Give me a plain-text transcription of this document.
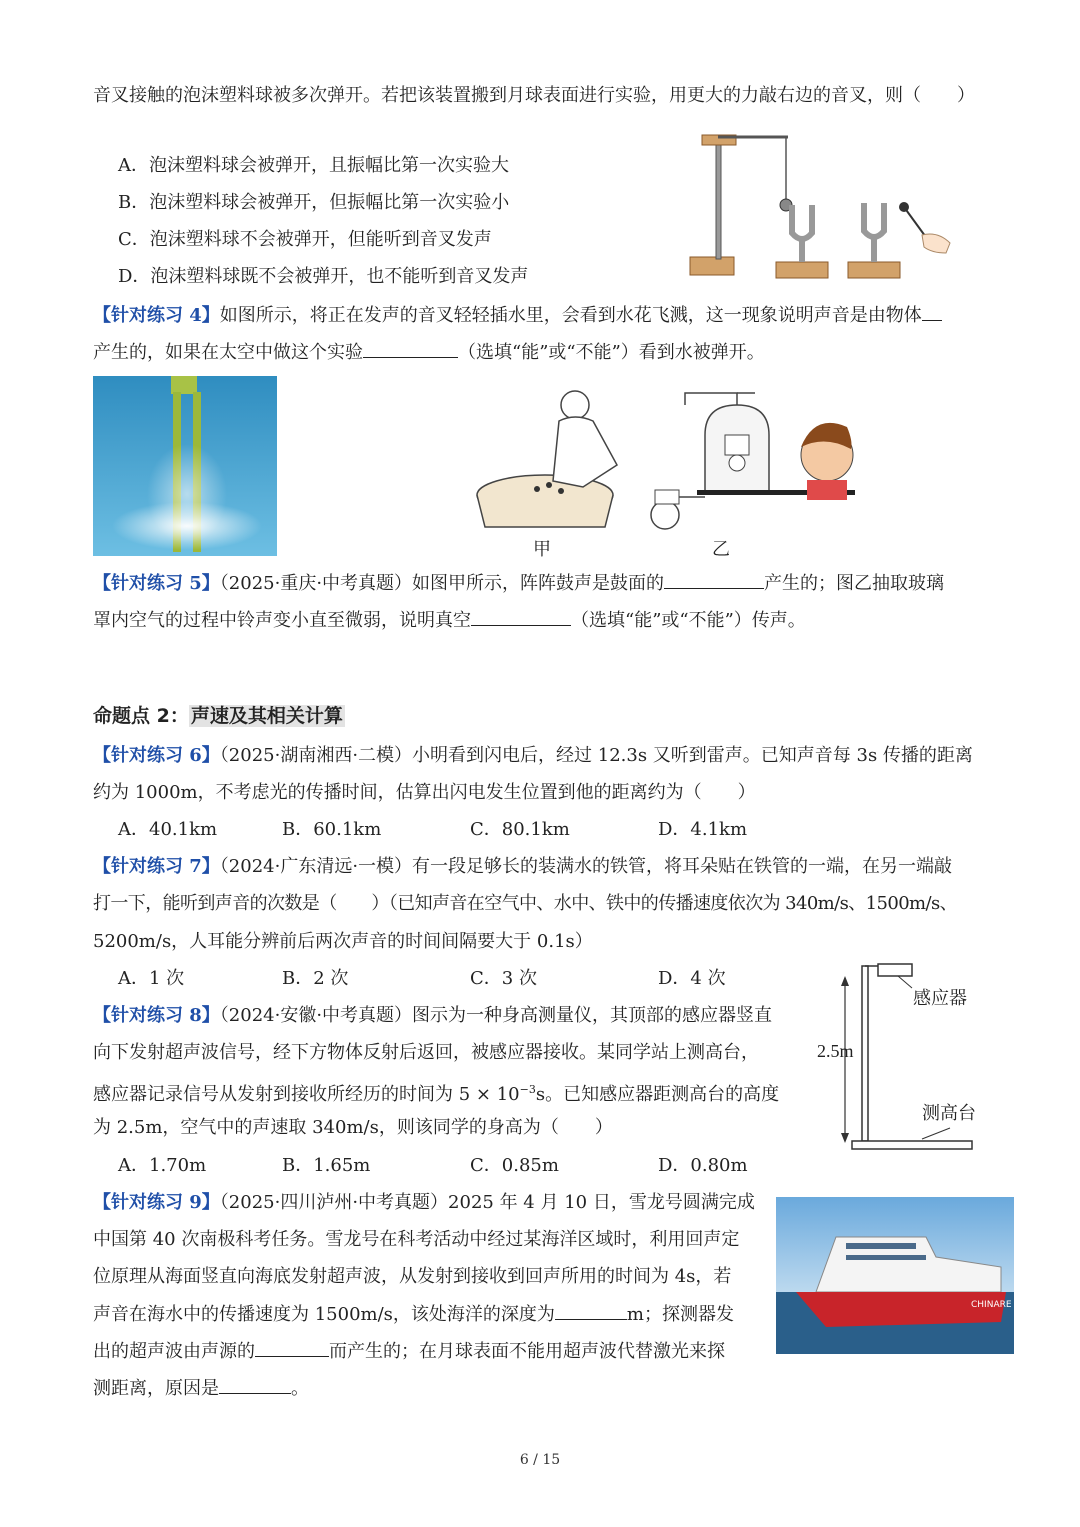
音叉接触的泡沫塑料球被多次弹开。若把该装置搬到月球表面进行实验，用更大的力敲右边的音叉，则（　　）
A．泡沫塑料球会被弹开，且振幅比第一次实验大
B．泡沫塑料球会被弹开，但振幅比第一次实验小
C．泡沫塑料球不会被弹开，但能听到音叉发声
D．泡沫塑料球既不会被弹开，也不能听到音叉发声
【针对练习 4】如图所示，将正在发声的音叉轻轻插水里，会看到水花飞溅，这一现象说明声音是由物体
产生的，如果在太空中做这个实验	（选填“能”或“不能”）看到水被弹开。
甲	乙
【针对练习 5】（2025·重庆·中考真题）如图甲所示，阵阵鼓声是鼓面的	产生的；图乙抽取玻璃
罩内空气的过程中铃声变小直至微弱，说明真空	（选填“能”或“不能”）传声。
命题点 2： 声速及其相关计算
【针对练习 6】（2025·湖南湘西·二模）小明看到闪电后，经过 12.3s 又听到雷声。已知声音每 3s 传播的距离
约为 1000m，不考虑光的传播时间，估算出闪电发生位置到他的距离约为（　　）
A．40.1km	B．60.1km	C．80.1km	D．4.1km
【针对练习 7】（2024·广东清远·一模）有一段足够长的装满水的铁管，将耳朵贴在铁管的一端，在另一端敲
打一下，能听到声音的次数是（　　）（已知声音在空气中、水中、铁中的传播速度依次为 340m/s、1500m/s、
5200m/s，人耳能分辨前后两次声音的时间间隔要大于 0.1s）
A．1 次	B．2 次	C．3 次	D．4 次
【针对练习 8】（2024·安徽·中考真题）图示为一种身高测量仪，其顶部的感应器竖直
向下发射超声波信号，经下方物体反射后返回，被感应器接收。某同学站上测高台，
感应器记录信号从发射到接收所经历的时间为 $5 \times 10^{-3}s$。已知感应器距测高台的高度
为 2.5m，空气中的声速取 340m/s，则该同学的身高为（　　）
A．1.70m	B．1.65m	C．0.85m	D．0.80m
感应器
2.5m
测高台
【针对练习 9】（2025·四川泸州·中考真题）2025 年 4 月 10 日，雪龙号圆满完成
中国第 40 次南极科考任务。雪龙号在科考活动中经过某海洋区域时，利用回声定
位原理从海面竖直向海底发射超声波，从发射到接收到回声所用的时间为 4s，若
声音在海水中的传播速度为 1500m/s，该处海洋的深度为	m；探测器发
出的超声波由声源的	而产生的；在月球表面不能用超声波代替激光来探
测距离，原因是	。
CHINARE
6 / 15
